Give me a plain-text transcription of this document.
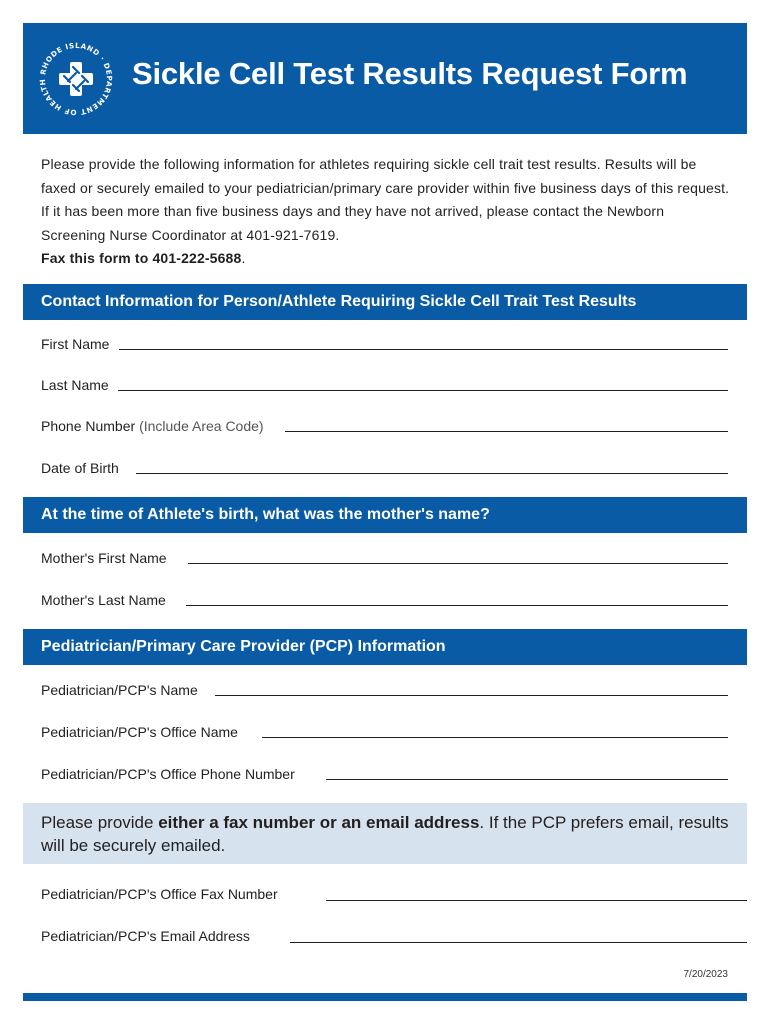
RHODE ISLAND · DEPARTMENT OF HEALTH	Sickle Cell Test Results Request Form

Please provide the following information for athletes requiring sickle cell trait test results. Results will be faxed or securely emailed to your pediatrician/primary care provider within five business days of this request. If it has been more than five business days and they have not arrived, please contact the Newborn Screening Nurse Coordinator at 401-921-7619.

Fax this form to 401-222-5688.

Contact Information for Person/Athlete Requiring Sickle Cell Trait Test Results
First Name
Last Name
Phone Number (Include Area Code)
Date of Birth
At the time of Athlete's birth, what was the mother's name?
Mother's First Name
Mother's Last Name
Pediatrician/Primary Care Provider (PCP) Information
Pediatrician/PCP's Name
Pediatrician/PCP's Office Name
Pediatrician/PCP's Office Phone Number
Please provide either a fax number or an email address. If the PCP prefers email, results will be securely emailed.
Pediatrician/PCP's Office Fax Number
Pediatrician/PCP's Email Address
7/20/2023
